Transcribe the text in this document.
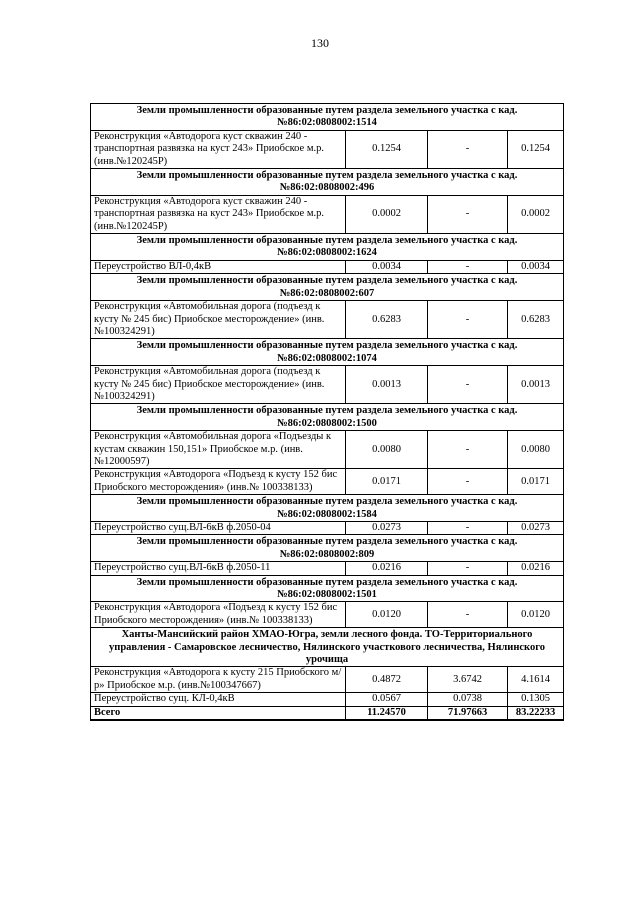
130
Земли промышленности образованные путем раздела земельного участка с кад. №86:02:0808002:1514			
Реконструкция «Автодорога куст скважин 240 - транспортная развязка на куст 243» Приобское м.р. (инв.№120245Р)	0.1254	-	0.1254
Земли промышленности образованные путем раздела земельного участка с кад. №86:02:0808002:496			
Реконструкция «Автодорога куст скважин 240 - транспортная развязка на куст 243» Приобское м.р. (инв.№120245Р)	0.0002	-	0.0002
Земли промышленности образованные путем раздела земельного участка с кад. №86:02:0808002:1624			
Переустройство ВЛ-0,4кВ	0.0034	-	0.0034
Земли промышленности образованные путем раздела земельного участка с кад. №86:02:0808002:607			
Реконструкция «Автомобильная дорога (подъезд к кусту № 245 бис) Приобское месторождение» (инв.№100324291)	0.6283	-	0.6283
Земли промышленности образованные путем раздела земельного участка с кад. №86:02:0808002:1074			
Реконструкция «Автомобильная дорога (подъезд к кусту № 245 бис) Приобское месторождение» (инв.№100324291)	0.0013	-	0.0013
Земли промышленности образованные путем раздела земельного участка с кад. №86:02:0808002:1500			
Реконструкция «Автомобильная дорога «Подъезды к кустам скважин 150,151» Приобское м.р. (инв.№12000597)	0.0080	-	0.0080
Реконструкция «Автодорога «Подъезд к кусту 152 бис Приобского месторождения» (инв.№ 100338133)	0.0171	-	0.0171
Земли промышленности образованные путем раздела земельного участка с кад. №86:02:0808002:1584			
Переустройство сущ.ВЛ-6кВ ф.2050-04	0.0273	-	0.0273
Земли промышленности образованные путем раздела земельного участка с кад. №86:02:0808002:809			
Переустройство сущ.ВЛ-6кВ ф.2050-11	0.0216	-	0.0216
Земли промышленности образованные путем раздела земельного участка с кад. №86:02:0808002:1501			
Реконструкция «Автодорога «Подъезд к кусту 152 бис Приобского месторождения» (инв.№ 100338133)	0.0120	-	0.0120
Ханты-Мансийский район ХМАО-Югра, земли лесного фонда. ТО-Территориального управления - Самаровское лесничество, Нялинского участкового лесничества, Нялинского урочища			
Реконструкция «Автодорога к кусту 215 Приобского м/р» Приобское м.р. (инв.№100347667)	0.4872	3.6742	4.1614
Переустройство сущ. КЛ-0,4кВ	0.0567	0.0738	0.1305
Всего	11.24570	71.97663	83.22233
